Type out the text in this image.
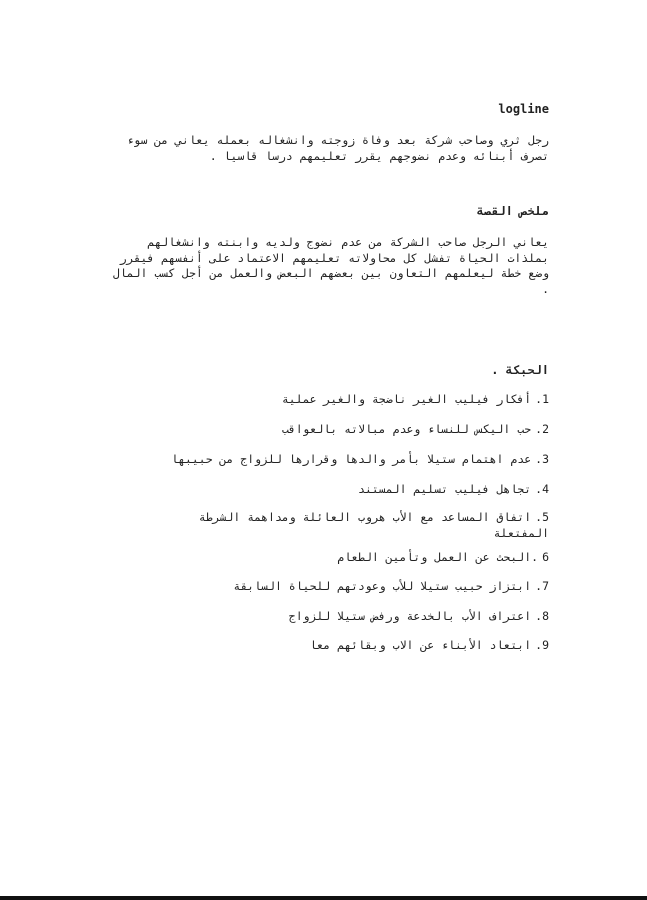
logline

رجل ثري وصاحب شركة بعد وفاة زوجته وانشغاله بعمله يعاني من سوء تصرف أبنائه وعدم نضوجهم يقرر تعليمهم درسا قاسيا .

ملخص القصة

يعاني الرجل صاحب الشركة من عدم نضوج ولديه وابنته وانشغالهم بملذات الحياة تفشل كل محاولاته تعليمهم الاعتماد على أنفسهم فيقرر وضع خطة ليعلمهم التعاون بين بعضهم البعض والعمل من أجل كسب المال .

الحبكة .

1.أفكار فيليب الغير ناضجة والغير عملية
2.حب اليكس للنساء وعدم مبالاته بالعواقب
3.عدم اهتمام ستيلا بأمر والدها وقرارها للزواج من حبيبها
4.تجاهل فيليب تسليم المستند
5.اتفاق المساعد مع الأب هروب العائلة ومداهمة الشرطة المفتعلة
6.البحث عن العمل وتأمين الطعام
7.ابتزاز حبيب ستيلا للأب وعودتهم للحياة السابقة
8.اعتراف الأب بالخدعة ورفض ستيلا للزواج
9.ابتعاد الأبناء عن الاب وبقائهم معا
